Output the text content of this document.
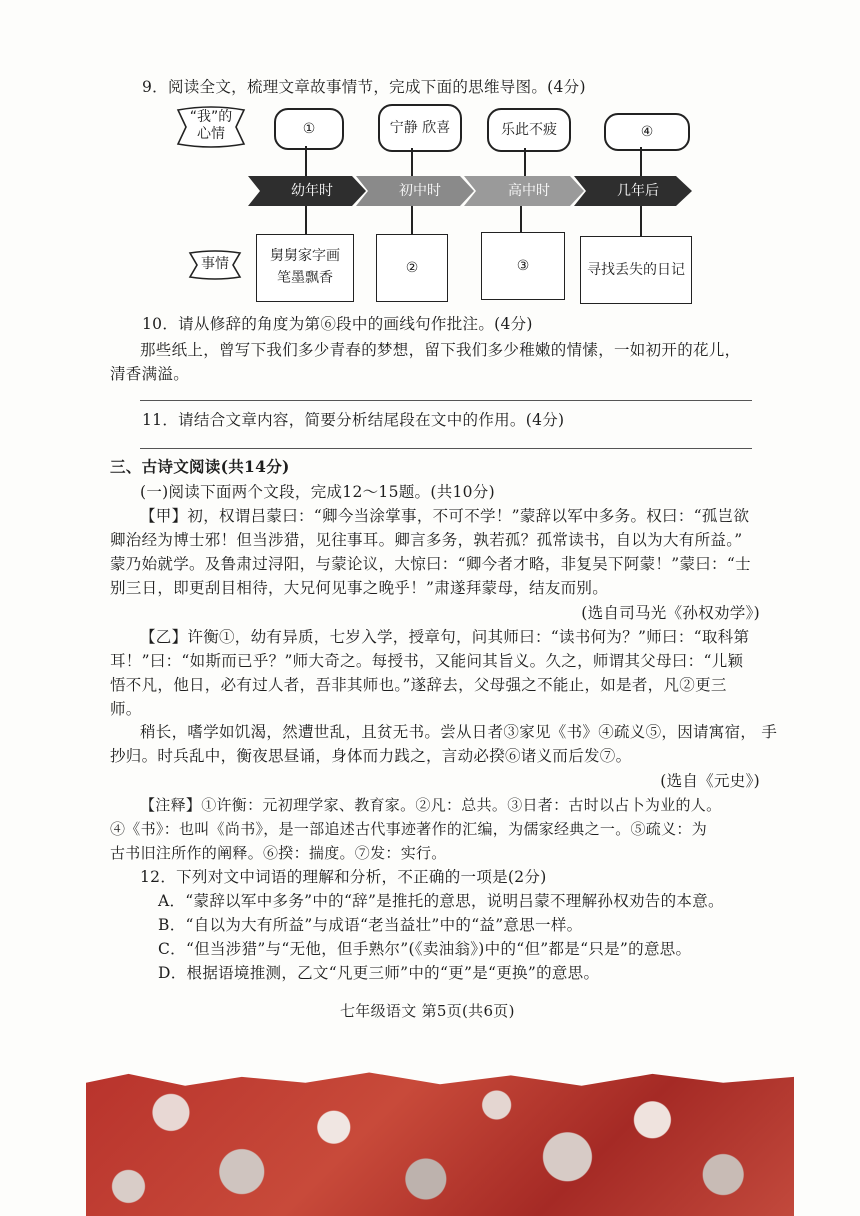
9．阅读全文，梳理文章故事情节，完成下面的思维导图。(4分)
“我”的
心情	①	宁静 欣喜	乐此不疲	④
幼年时	初中时	高中时	几年后
事情	舅舅家字画
笔墨飘香
②	③	寻找丢失的日记
10．请从修辞的角度为第⑥段中的画线句作批注。(4分)
那些纸上，曾写下我们多少青春的梦想，留下我们多少稚嫩的情愫，一如初开的花儿，
清香满溢。
11．请结合文章内容，简要分析结尾段在文中的作用。(4分)
三、古诗文阅读(共14分)
(一)阅读下面两个文段，完成12～15题。(共10分)
【甲】初，权谓吕蒙曰：“卿今当涂掌事，不可不学！”蒙辞以军中多务。权曰：“孤岂欲
卿治经为博士邪！但当涉猎，见往事耳。卿言多务，孰若孤？孤常读书，自以为大有所益。”
蒙乃始就学。及鲁肃过浔阳，与蒙论议，大惊曰：“卿今者才略，非复吴下阿蒙！”蒙曰：“士
别三日，即更刮目相待，大兄何见事之晚乎！”肃遂拜蒙母，结友而别。
(选自司马光《孙权劝学》)
【乙】许衡①，幼有异质，七岁入学，授章句，问其师曰：“读书何为？”师曰：“取科第
耳！”曰：“如斯而已乎？”师大奇之。每授书，又能问其旨义。久之，师谓其父母曰：“儿颖
悟不凡，他日，必有过人者，吾非其师也。”遂辞去，父母强之不能止，如是者，凡②更三
师。
稍长，嗜学如饥渴，然遭世乱，且贫无书。尝从日者③家见《书》④疏义⑤，因请寓宿， 手
抄归。时兵乱中，衡夜思昼诵，身体而力践之，言动必揆⑥诸义而后发⑦。
(选自《元史》)
【注释】①许衡：元初理学家、教育家。②凡：总共。③日者：古时以占卜为业的人。
④《书》：也叫《尚书》，是一部追述古代事迹著作的汇编，为儒家经典之一。⑤疏义：为
古书旧注所作的阐释。⑥揆：揣度。⑦发：实行。
12．下列对文中词语的理解和分析，不正确的一项是(2分)
A．“蒙辞以军中多务”中的“辞”是推托的意思，说明吕蒙不理解孙权劝告的本意。
B．“自以为大有所益”与成语“老当益壮”中的“益”意思一样。
C．“但当涉猎”与“无他，但手熟尔”(《卖油翁》)中的“但”都是“只是”的意思。
D．根据语境推测，乙文“凡更三师”中的“更”是“更换”的意思。
七年级语文 第5页(共6页)
